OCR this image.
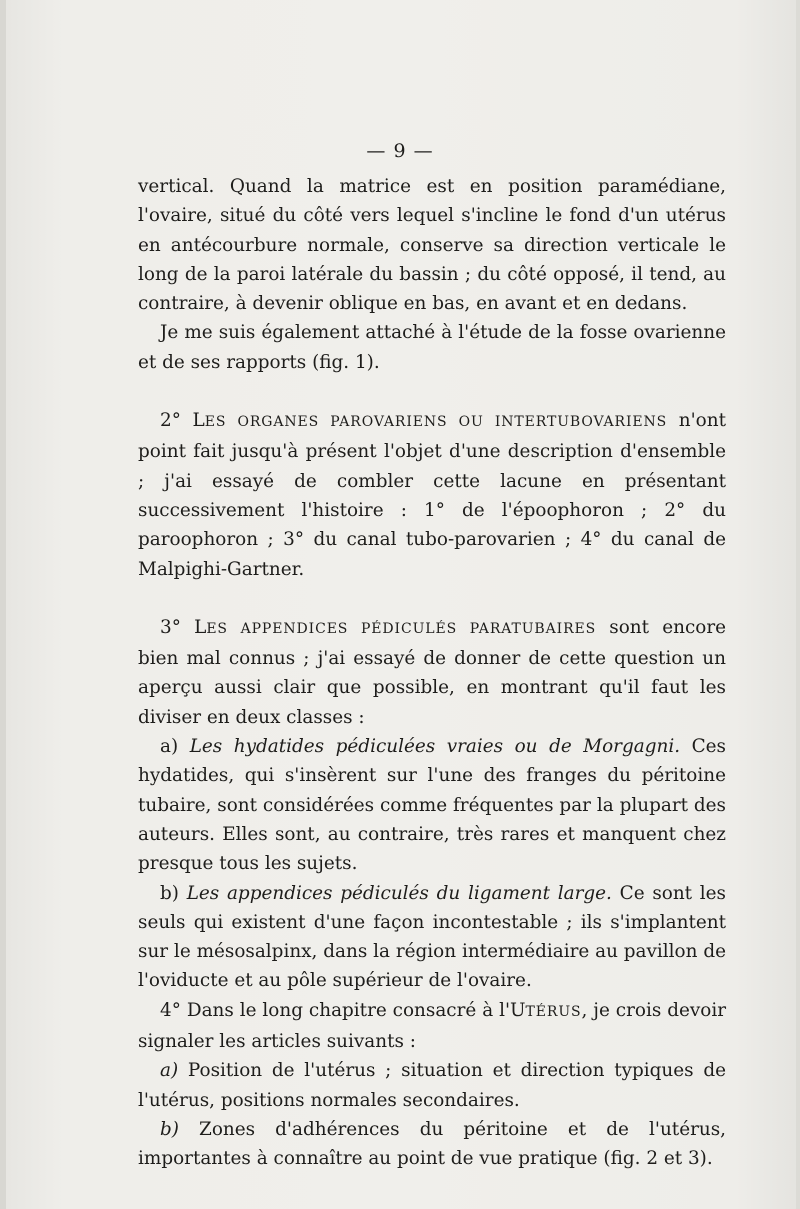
— 9 —

vertical. Quand la matrice est en position paramédiane, l'ovaire, situé du côté vers lequel s'incline le fond d'un utérus en antécourbure normale, conserve sa direction verticale le long de la paroi latérale du bassin ; du côté opposé, il tend, au contraire, à devenir oblique en bas, en avant et en dedans.

Je me suis également attaché à l'étude de la fosse ovarienne et de ses rapports (fig. 1).

2° LES ORGANES PAROVARIENS OU INTERTUBOVARIENS n'ont point fait jusqu'à présent l'objet d'une description d'ensemble ; j'ai essayé de combler cette lacune en présentant successivement l'histoire : 1° de l'époophoron ; 2° du paroophoron ; 3° du canal tubo-parovarien ; 4° du canal de Malpighi-Gartner.

3° LES APPENDICES PÉDICULÉS PARATUBAIRES sont encore bien mal connus ; j'ai essayé de donner de cette question un aperçu aussi clair que possible, en montrant qu'il faut les diviser en deux classes :

a) Les hydatides pédiculées vraies ou de Morgagni. Ces hydatides, qui s'insèrent sur l'une des franges du péritoine tubaire, sont considérées comme fréquentes par la plupart des auteurs. Elles sont, au contraire, très rares et manquent chez presque tous les sujets.

b) Les appendices pédiculés du ligament large. Ce sont les seuls qui existent d'une façon incontestable ; ils s'implantent sur le mésosalpinx, dans la région intermédiaire au pavillon de l'oviducte et au pôle supérieur de l'ovaire.

4° Dans le long chapitre consacré à l'UTÉRUS, je crois devoir signaler les articles suivants :

a) Position de l'utérus ; situation et direction typiques de l'utérus, positions normales secondaires.

b) Zones d'adhérences du péritoine et de l'utérus, importantes à connaître au point de vue pratique (fig. 2 et 3).
